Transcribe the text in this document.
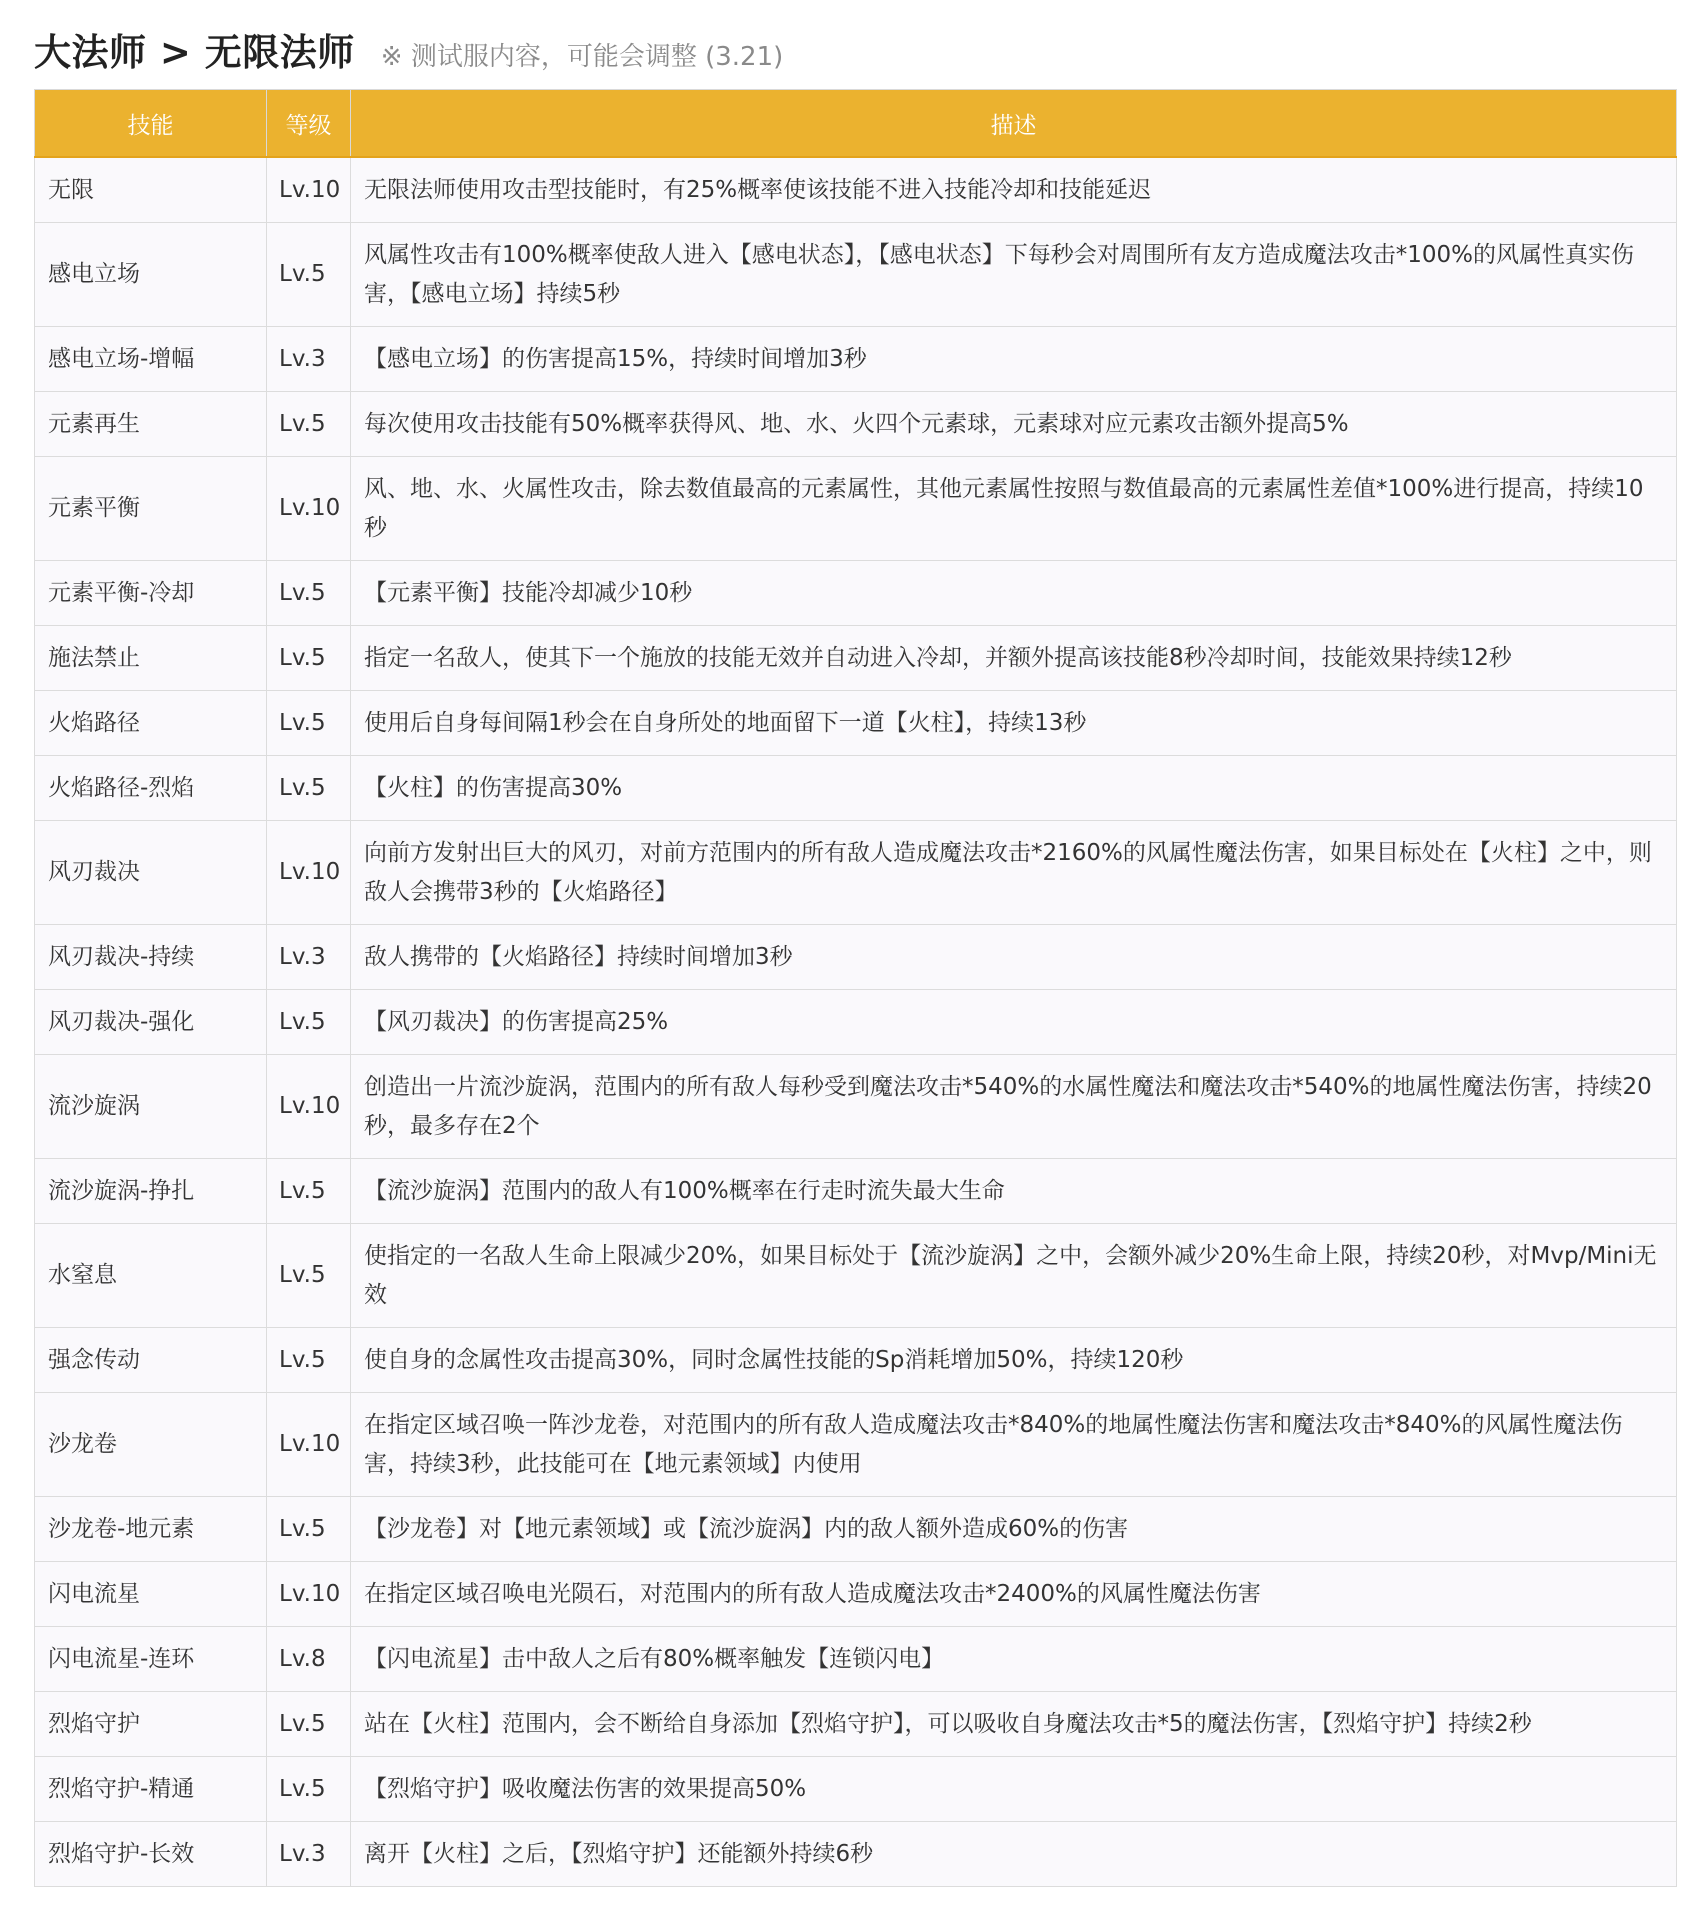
大法师 > 无限法师 ※ 测试服内容，可能会调整 (3.21)
技能	等级	描述
无限	Lv.10	无限法师使用攻击型技能时，有25%概率使该技能不进入技能冷却和技能延迟
感电立场	Lv.5	风属性攻击有100%概率使敌人进入【感电状态】，【感电状态】下每秒会对周围所有友方造成魔法攻击*100%的风属性真实伤害，【感电立场】持续5秒
感电立场-增幅	Lv.3	【感电立场】的伤害提高15%，持续时间增加3秒
元素再生	Lv.5	每次使用攻击技能有50%概率获得风、地、水、火四个元素球，元素球对应元素攻击额外提高5%
元素平衡	Lv.10	风、地、水、火属性攻击，除去数值最高的元素属性，其他元素属性按照与数值最高的元素属性差值*100%进行提高，持续10秒
元素平衡-冷却	Lv.5	【元素平衡】技能冷却减少10秒
施法禁止	Lv.5	指定一名敌人，使其下一个施放的技能无效并自动进入冷却，并额外提高该技能8秒冷却时间，技能效果持续12秒
火焰路径	Lv.5	使用后自身每间隔1秒会在自身所处的地面留下一道【火柱】，持续13秒
火焰路径-烈焰	Lv.5	【火柱】的伤害提高30%
风刃裁决	Lv.10	向前方发射出巨大的风刃，对前方范围内的所有敌人造成魔法攻击*2160%的风属性魔法伤害，如果目标处在【火柱】之中，则敌人会携带3秒的【火焰路径】
风刃裁决-持续	Lv.3	敌人携带的【火焰路径】持续时间增加3秒
风刃裁决-强化	Lv.5	【风刃裁决】的伤害提高25%
流沙旋涡	Lv.10	创造出一片流沙旋涡，范围内的所有敌人每秒受到魔法攻击*540%的水属性魔法和魔法攻击*540%的地属性魔法伤害，持续20秒，最多存在2个
流沙旋涡-挣扎	Lv.5	【流沙旋涡】范围内的敌人有100%概率在行走时流失最大生命
水窒息	Lv.5	使指定的一名敌人生命上限减少20%，如果目标处于【流沙旋涡】之中，会额外减少20%生命上限，持续20秒，对Mvp/Mini无效
强念传动	Lv.5	使自身的念属性攻击提高30%，同时念属性技能的Sp消耗增加50%，持续120秒
沙龙卷	Lv.10	在指定区域召唤一阵沙龙卷，对范围内的所有敌人造成魔法攻击*840%的地属性魔法伤害和魔法攻击*840%的风属性魔法伤害，持续3秒，此技能可在【地元素领域】内使用
沙龙卷-地元素	Lv.5	【沙龙卷】对【地元素领域】或【流沙旋涡】内的敌人额外造成60%的伤害
闪电流星	Lv.10	在指定区域召唤电光陨石，对范围内的所有敌人造成魔法攻击*2400%的风属性魔法伤害
闪电流星-连环	Lv.8	【闪电流星】击中敌人之后有80%概率触发【连锁闪电】
烈焰守护	Lv.5	站在【火柱】范围内，会不断给自身添加【烈焰守护】，可以吸收自身魔法攻击*5的魔法伤害，【烈焰守护】持续2秒
烈焰守护-精通	Lv.5	【烈焰守护】吸收魔法伤害的效果提高50%
烈焰守护-长效	Lv.3	离开【火柱】之后，【烈焰守护】还能额外持续6秒
